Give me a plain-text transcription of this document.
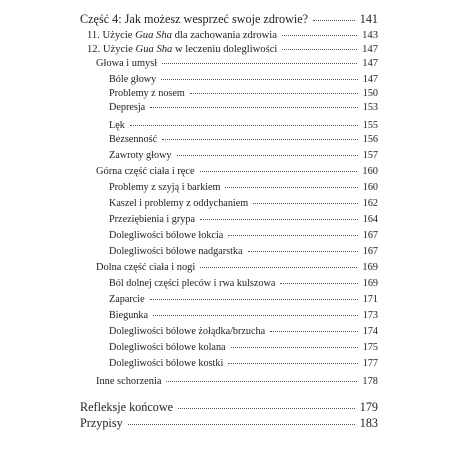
Część 4: Jak możesz wesprzeć swoje zdrowie?	141
11. Użycie Gua Sha dla zachowania zdrowia	143
12. Użycie Gua Sha w leczeniu dolegliwości	147
Głowa i umysł	147
Bóle głowy	147
Problemy z nosem	150
Depresja	153
Lęk	155
Bezsenność	156
Zawroty głowy	157
Górna część ciała i ręce	160
Problemy z szyją i barkiem	160
Kaszel i problemy z oddychaniem	162
Przeziębienia i grypa	164
Dolegliwości bólowe łokcia	167
Dolegliwości bólowe nadgarstka	167
Dolna część ciała i nogi	169
Ból dolnej części pleców i rwa kulszowa	169
Zaparcie	171
Biegunka	173
Dolegliwości bólowe żołądka/brzucha	174
Dolegliwości bólowe kolana	175
Dolegliwości bólowe kostki	177
Inne schorzenia	178
Refleksje końcowe	179
Przypisy	183
